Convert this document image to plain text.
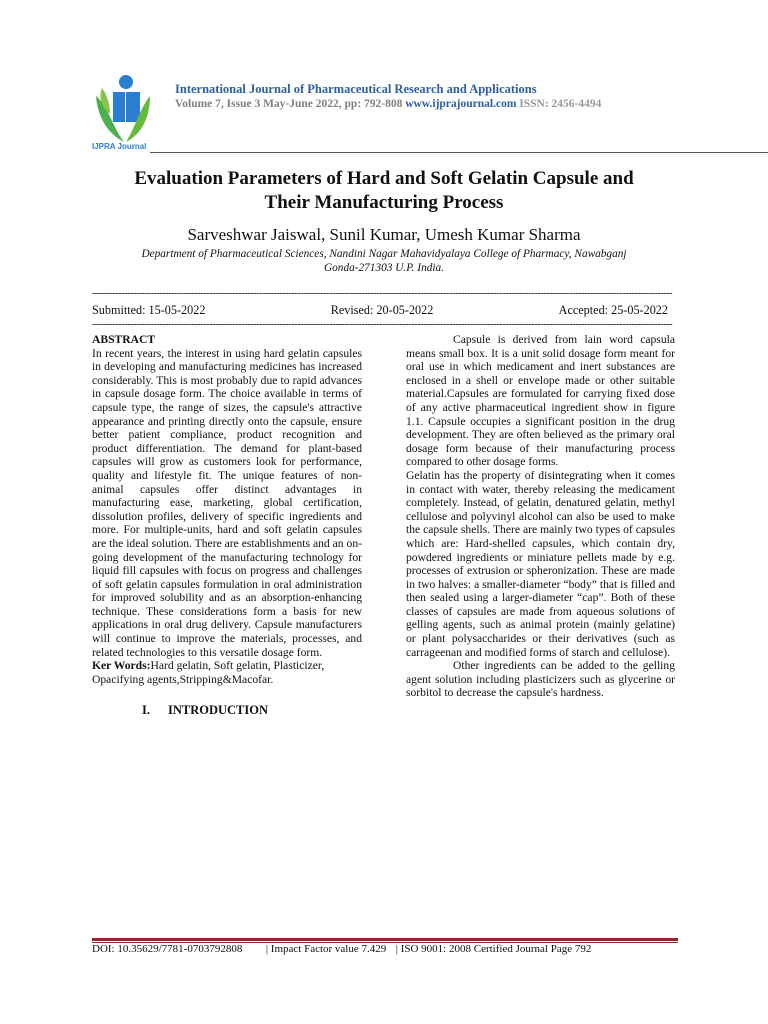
IJPRA Journal
International Journal of Pharmaceutical Research and Applications
Volume 7, Issue 3 May-June 2022, pp: 792-808 www.ijprajournal.com ISSN: 2456-4494
Evaluation Parameters of Hard and Soft Gelatin Capsule and
Their Manufacturing Process
Sarveshwar Jaiswal, Sunil Kumar, Umesh Kumar Sharma
Department of Pharmaceutical Sciences, Nandini Nagar Mahavidyalaya College of Pharmacy, Nawabganj
Gonda-271303 U.P. India.
------------------------------------------------------------------------------------------------------------------------------------------------------------------------------------------------------
Submitted: 15-05-2022	Revised: 20-05-2022	Accepted: 25-05-2022
------------------------------------------------------------------------------------------------------------------------------------------------------------------------------------------------------
ABSTRACT

In recent years, the interest in using hard gelatin capsules in developing and manufacturing medicines has increased considerably. This is most probably due to rapid advances in capsule dosage form. The choice available in terms of capsule type, the range of sizes, the capsule's attractive appearance and printing directly onto the capsule, ensure better patient compliance, product recognition and product differentiation. The demand for plant-based capsules will grow as customers look for performance, quality and lifestyle fit. The unique features of non-animal capsules offer distinct advantages in manufacturing ease, marketing, global certification, dissolution profiles, delivery of specific ingredients and more. For multiple-units, hard and soft gelatin capsules are the ideal solution. There are establishments and an on-going development of the manufacturing technology for liquid fill capsules with focus on progress and challenges of soft gelatin capsules formulation in oral administration for improved solubility and as an absorption-enhancing technique. These considerations form a basis for new applications in oral drug delivery. Capsule manufacturers will continue to improve the materials, processes, and related technologies to this versatile dosage form.

Ker Words:Hard gelatin, Soft gelatin, Plasticizer, Opacifying agents,Stripping&Macofar.

I.	INTRODUCTION

Capsule is derived from lain word capsula means small box. It is a unit solid dosage form meant for oral use in which medicament and inert substances are enclosed in a shell or envelope made or other suitable material.Capsules are formulated for carrying fixed dose of any active pharmaceutical ingredient show in figure 1.1. Capsule occupies a significant position in the drug development. They are often believed as the primary oral dosage form because of their manufacturing process compared to other dosage forms.

Gelatin has the property of disintegrating when it comes in contact with water, thereby releasing the medicament completely. Instead, of gelatin, denatured gelatin, methyl cellulose and polyvinyl alcohol can also be used to make the capsule shells. There are mainly two types of capsules which are: Hard-shelled capsules, which contain dry, powdered ingredients or miniature pellets made by e.g. processes of extrusion or spheronization. These are made in two halves: a smaller-diameter “body” that is filled and then sealed using a larger-diameter “cap”. Both of these classes of capsules are made from aqueous solutions of gelling agents, such as animal protein (mainly gelatine) or plant polysaccharides or their derivatives (such as carrageenan and modified forms of starch and cellulose).

Other ingredients can be added to the gelling agent solution including plasticizers such as glycerine or sorbitol to decrease the capsule's hardness.

DOI: 10.35629/7781-0703792808 | Impact Factor value 7.429 | ISO 9001: 2008 Certified Journal Page 792
